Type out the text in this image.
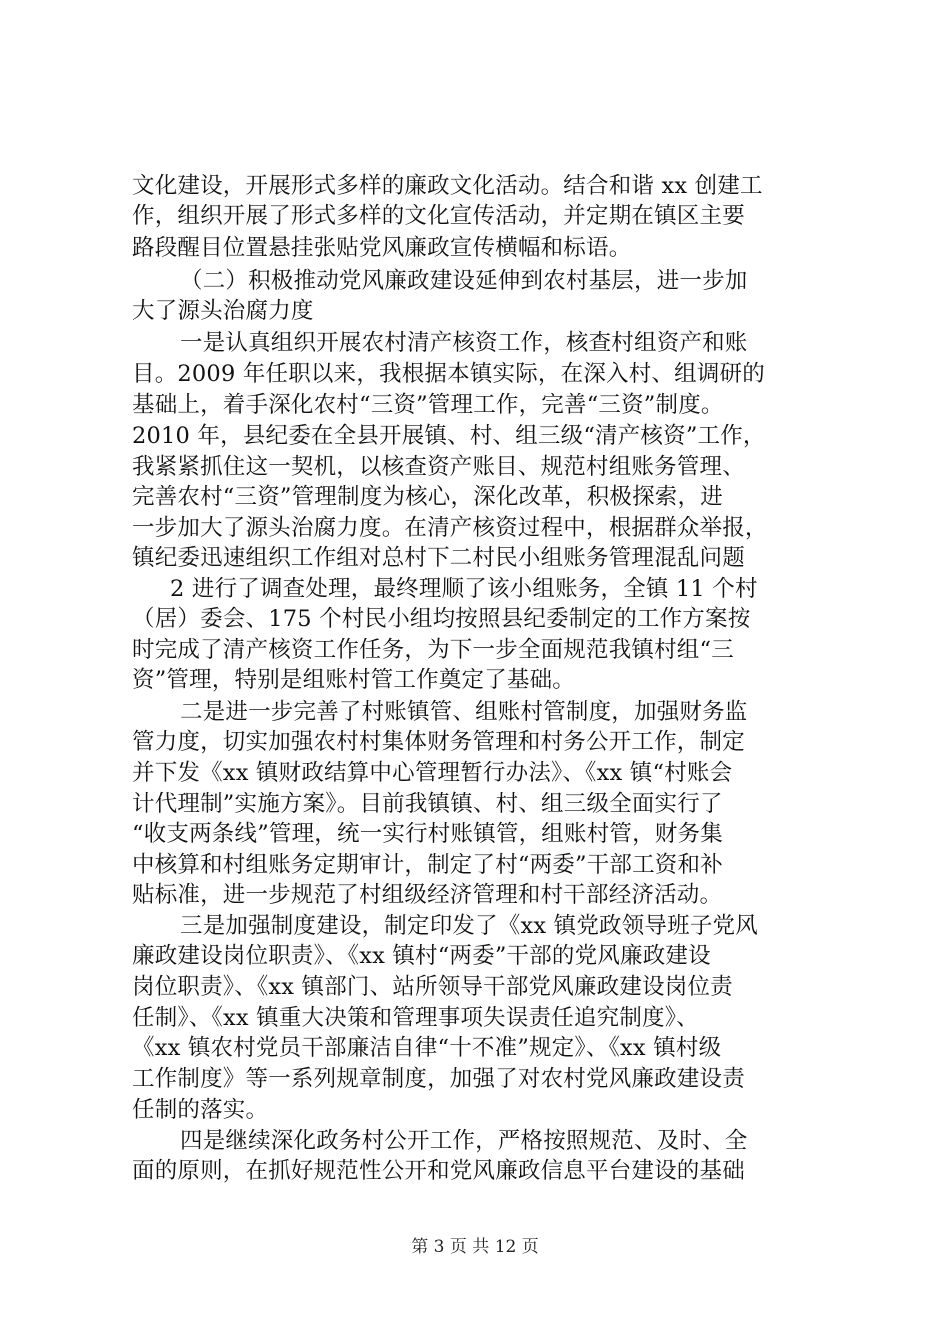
文化建设，开展形式多样的廉政文化活动。结合和谐 xx 创建工
作，组织开展了形式多样的文化宣传活动，并定期在镇区主要
路段醒目位置悬挂张贴党风廉政宣传横幅和标语。
（二）积极推动党风廉政建设延伸到农村基层，进一步加
大了源头治腐力度
一是认真组织开展农村清产核资工作，核查村组资产和账
目。2009 年任职以来，我根据本镇实际，在深入村、组调研的
基础上，着手深化农村“三资”管理工作，完善“三资”制度。
2010 年，县纪委在全县开展镇、村、组三级“清产核资”工作，
我紧紧抓住这一契机，以核查资产账目、规范村组账务管理、
完善农村“三资”管理制度为核心，深化改革，积极探索，进
一步加大了源头治腐力度。在清产核资过程中，根据群众举报，
镇纪委迅速组织工作组对总村下二村民小组账务管理混乱问题
2 进行了调查处理，最终理顺了该小组账务，全镇 11 个村
（居）委会、175 个村民小组均按照县纪委制定的工作方案按
时完成了清产核资工作任务，为下一步全面规范我镇村组“三
资”管理，特别是组账村管工作奠定了基础。
二是进一步完善了村账镇管、组账村管制度，加强财务监
管力度，切实加强农村村集体财务管理和村务公开工作，制定
并下发《xx 镇财政结算中心管理暂行办法》、《xx 镇“村账会
计代理制”实施方案》。目前我镇镇、村、组三级全面实行了
“收支两条线”管理，统一实行村账镇管，组账村管，财务集
中核算和村组账务定期审计，制定了村“两委”干部工资和补
贴标准，进一步规范了村组级经济管理和村干部经济活动。
三是加强制度建设，制定印发了《xx 镇党政领导班子党风
廉政建设岗位职责》、《xx 镇村“两委”干部的党风廉政建设
岗位职责》、《xx 镇部门、站所领导干部党风廉政建设岗位责
任制》、《xx 镇重大决策和管理事项失误责任追究制度》、
《xx 镇农村党员干部廉洁自律“十不准”规定》、《xx 镇村级
工作制度》等一系列规章制度，加强了对农村党风廉政建设责
任制的落实。
四是继续深化政务村公开工作，严格按照规范、及时、全
面的原则，在抓好规范性公开和党风廉政信息平台建设的基础
第 3 页 共 12 页
